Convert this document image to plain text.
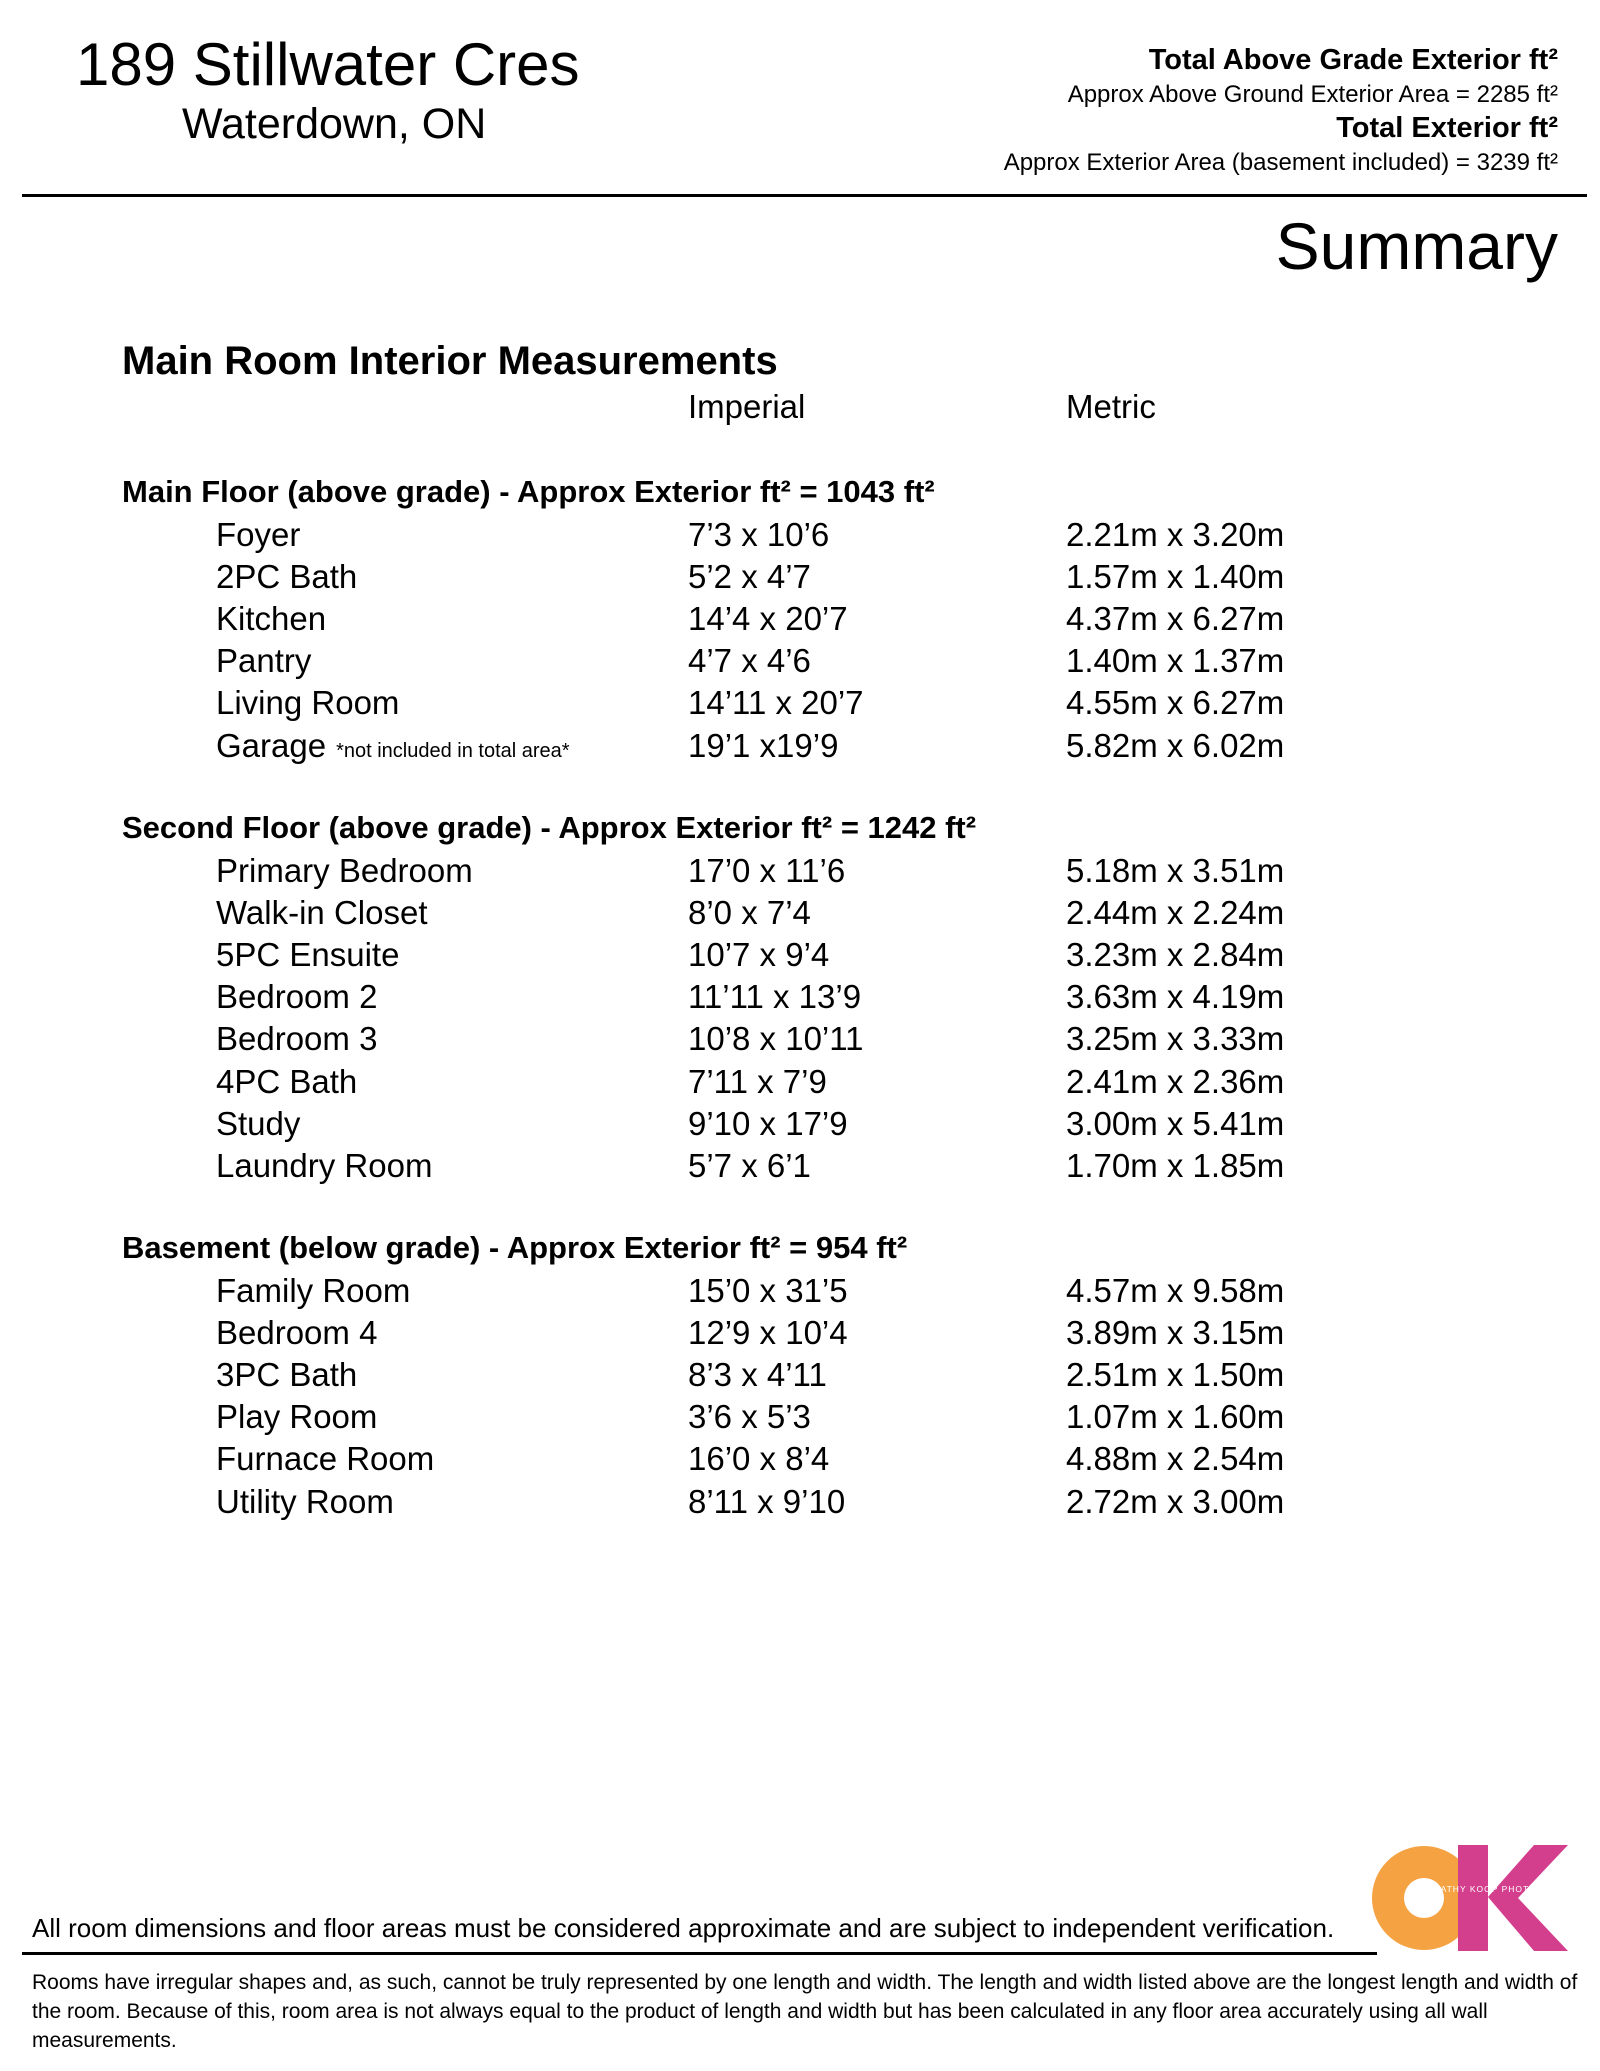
189 Stillwater Cres
Waterdown, ON
Total Above Grade Exterior ft²
Approx Above Ground Exterior Area = 2285 ft²
Total Exterior ft²
Approx Exterior Area (basement included) = 3239 ft²
Summary
Main Room Interior Measurements
Imperial	Metric
Main Floor (above grade) - Approx Exterior ft² = 1043 ft²
Foyer	7’3 x 10’6	2.21m x 3.20m
2PC Bath	5’2 x 4’7	1.57m x 1.40m
Kitchen	14’4 x 20’7	4.37m x 6.27m
Pantry	4’7 x 4’6	1.40m x 1.37m
Living Room	14’11 x 20’7	4.55m x 6.27m
Garage *not included in total area*	19’1 x19’9	5.82m x 6.02m
Second Floor (above grade) - Approx Exterior ft² = 1242 ft²
Primary Bedroom	17’0 x 11’6	5.18m x 3.51m
Walk-in Closet	8’0 x 7’4	2.44m x 2.24m
5PC Ensuite	10’7 x 9’4	3.23m x 2.84m
Bedroom 2	11’11 x 13’9	3.63m x 4.19m
Bedroom 3	10’8 x 10’11	3.25m x 3.33m
4PC Bath	7’11 x 7’9	2.41m x 2.36m
Study	9’10 x 17’9	3.00m x 5.41m
Laundry Room	5’7 x 6’1	1.70m x 1.85m
Basement (below grade) - Approx Exterior ft² = 954 ft²
Family Room	15’0 x 31’5	4.57m x 9.58m
Bedroom 4	12’9 x 10’4	3.89m x 3.15m
3PC Bath	8’3 x 4’11	2.51m x 1.50m
Play Room	3’6 x 5’3	1.07m x 1.60m
Furnace Room	16’0 x 8’4	4.88m x 2.54m
Utility Room	8’11 x 9’10	2.72m x 3.00m
All room dimensions and floor areas must be considered approximate and are subject to independent verification.
Rooms have irregular shapes and, as such, cannot be truly represented by one length and width. The length and width listed above are the longest length and width of the room. Because of this, room area is not always equal to the product of length and width but has been calculated in any floor area accurately using all wall measurements.
CATHY KOOP PHOTOGRAPHY
